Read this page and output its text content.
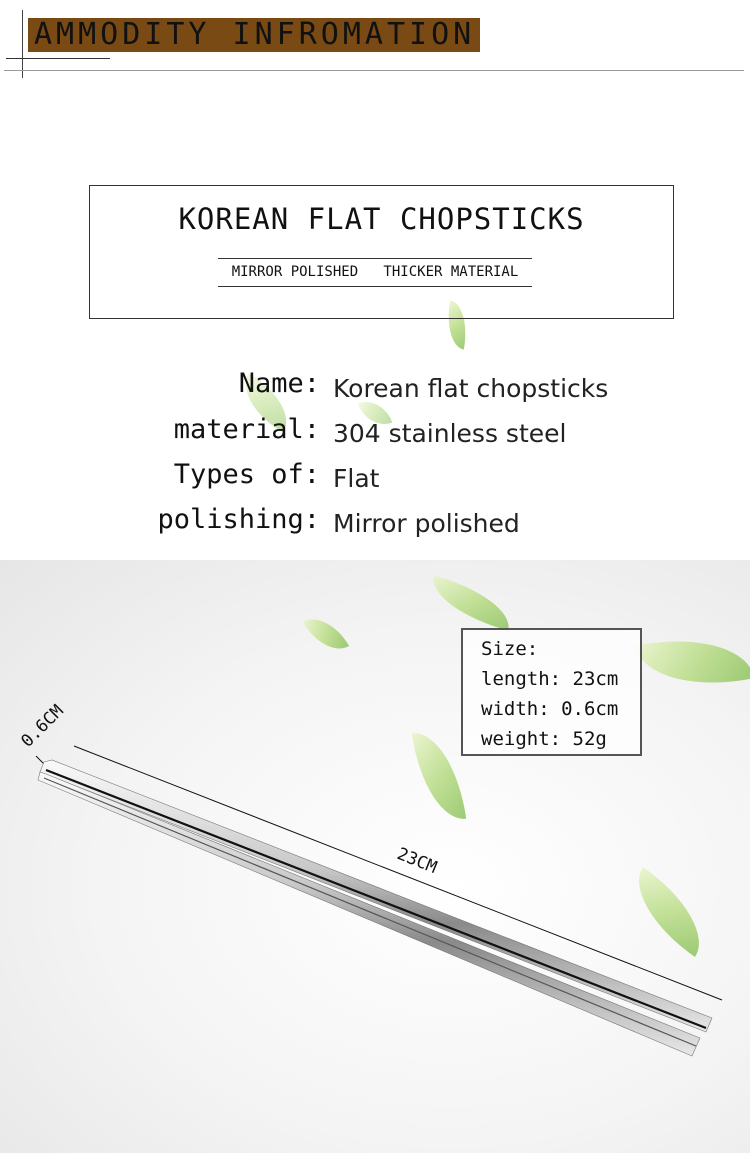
AMMODITY INFROMATION
KOREAN FLAT CHOPSTICKS
MIRROR POLISHED   THICKER MATERIAL
Name: Korean flat chopsticks
material: 304 stainless steel
Types of: Flat
polishing: Mirror polished
0.6CM
23CM
Size:
length: 23cm
width: 0.6cm
weight: 52g
